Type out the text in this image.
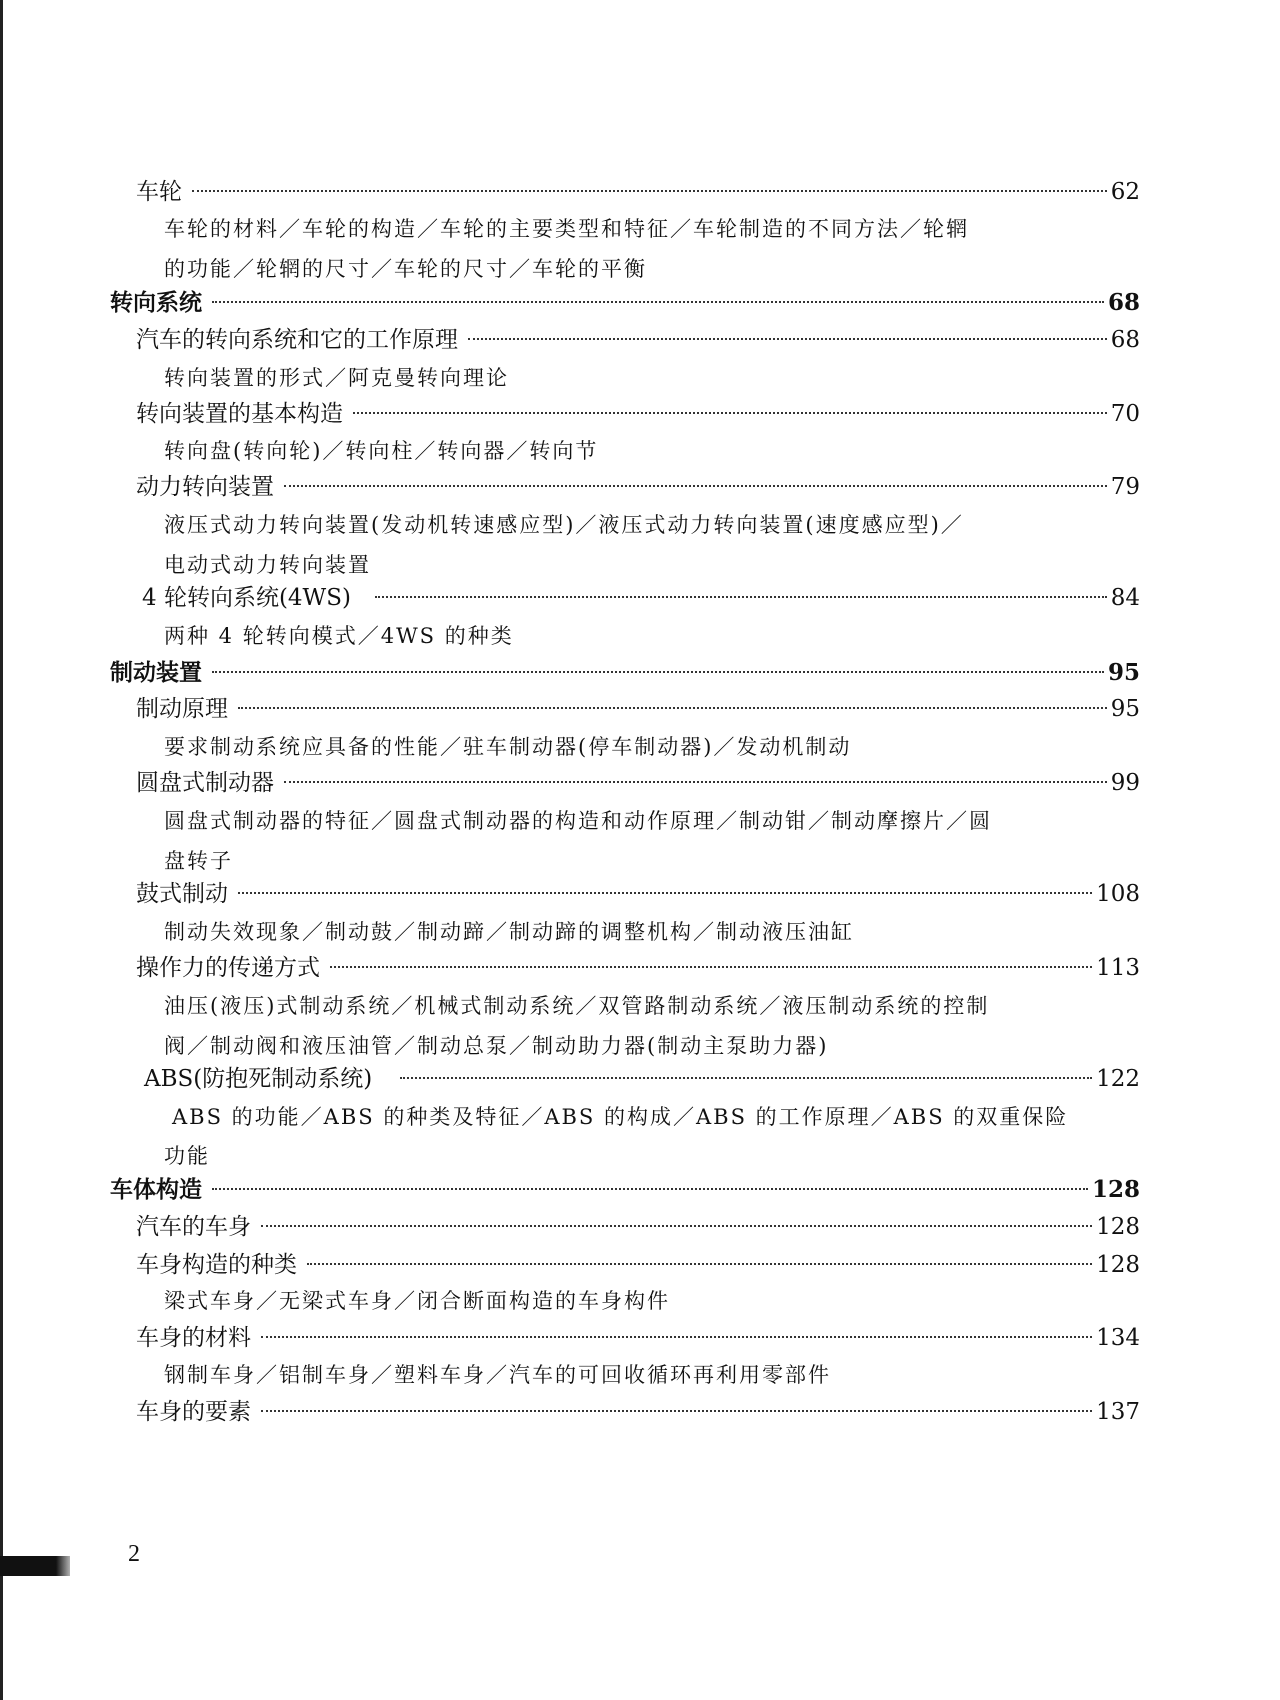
车轮	62
车轮的材料／车轮的构造／车轮的主要类型和特征／车轮制造的不同方法／轮辋
的功能／轮辋的尺寸／车轮的尺寸／车轮的平衡
转向系统	68
汽车的转向系统和它的工作原理	68
转向装置的形式／阿克曼转向理论
转向装置的基本构造	70
转向盘(转向轮)／转向柱／转向器／转向节
动力转向装置	79
液压式动力转向装置(发动机转速感应型)／液压式动力转向装置(速度感应型)／
电动式动力转向装置
4 轮转向系统(4WS)	84
两种 4 轮转向模式／4WS 的种类
制动装置	95
制动原理	95
要求制动系统应具备的性能／驻车制动器(停车制动器)／发动机制动
圆盘式制动器	99
圆盘式制动器的特征／圆盘式制动器的构造和动作原理／制动钳／制动摩擦片／圆
盘转子
鼓式制动	108
制动失效现象／制动鼓／制动蹄／制动蹄的调整机构／制动液压油缸
操作力的传递方式	113
油压(液压)式制动系统／机械式制动系统／双管路制动系统／液压制动系统的控制
阀／制动阀和液压油管／制动总泵／制动助力器(制动主泵助力器)
ABS(防抱死制动系统)	122
ABS 的功能／ABS 的种类及特征／ABS 的构成／ABS 的工作原理／ABS 的双重保险
功能
车体构造	128
汽车的车身	128
车身构造的种类	128
梁式车身／无梁式车身／闭合断面构造的车身构件
车身的材料	134
钢制车身／铝制车身／塑料车身／汽车的可回收循环再利用零部件
车身的要素	137
2
